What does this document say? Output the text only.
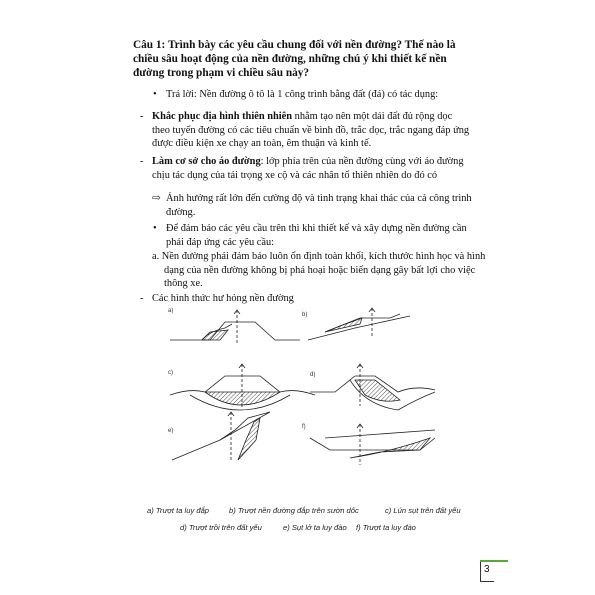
Câu 1: Trình bày các yêu cầu chung đối với nền đường? Thế nào là chiều sâu hoạt động của nền đường, những chú ý khi thiết kế nền đường trong phạm vi chiều sâu này?
• Trả lời: Nền đường ô tô là 1 công trình bằng đất (đá) có tác dụng:
- Khắc phục địa hình thiên nhiên nhằm tạo nên một dải đất đủ rộng dọc theo tuyến đường có các tiêu chuẩn về bình đồ, trắc dọc, trắc ngang đáp ứng được điều kiện xe chạy an toàn, êm thuận và kinh tế.
- Làm cơ sở cho áo đường: lớp phía trên của nền đường cùng với áo đường chịu tác dụng của tải trọng xe cộ và các nhân tố thiên nhiên do đó có
⇨ Ảnh hưởng rất lớn đến cường độ và tình trạng khai thác của cả công trình đường.
• Để đảm bảo các yêu cầu trên thì khi thiết kế và xây dựng nền đường cần phải đáp ứng các yêu cầu:
a. Nền đường phải đảm bảo luôn ổn định toàn khối, kích thước hình học và hình dạng của nền đường không bị phá hoại hoặc biến dạng gây bất lợi cho việc thông xe.
- Các hình thức hư hỏng nền đường
a)
b)
c)	d)
e)
f)
a) Trượt ta luy đắp	b) Trượt nền đường đắp trên sườn dốc	c) Lún sụt trên đất yếu
d) Trượt trồi trên đất yếu	e) Sụt lở ta luy đào f) Trượt ta luy đào
3
